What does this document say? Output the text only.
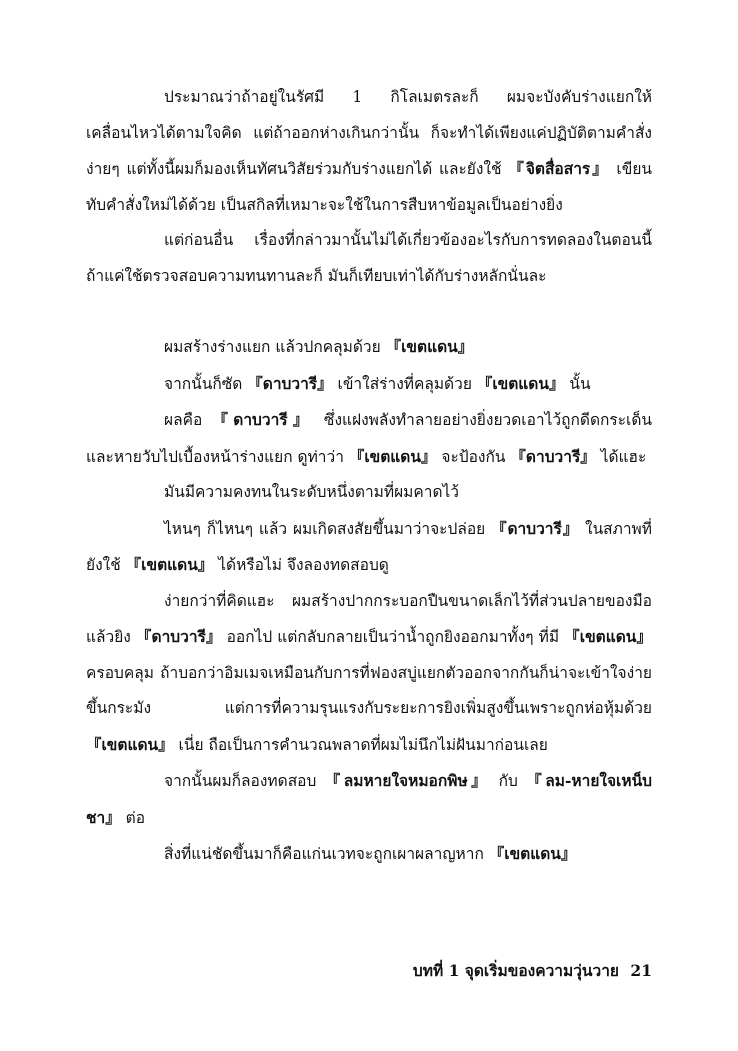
ประมาณว่าถ้าอยู่ในรัศมี 1 กิโลเมตรละก็ ผมจะบังคับร่างแยกให้เคลื่อนไหวได้ตามใจคิด แต่ถ้าออกห่างเกินกว่านั้น ก็จะทำได้เพียงแค่ปฏิบัติตามคำสั่งง่ายๆ แต่ทั้งนี้ผมก็มองเห็นทัศนวิสัยร่วมกับร่างแยกได้ และยังใช้ 『จิตสื่อสาร』 เขียนทับคำสั่งใหม่ได้ด้วย เป็นสกิลที่เหมาะจะใช้ในการสืบหาข้อมูลเป็นอย่างยิ่ง

แต่ก่อนอื่น เรื่องที่กล่าวมานั้นไม่ได้เกี่ยวข้องอะไรกับการทดลองในตอนนี้ ถ้าแค่ใช้ตรวจสอบความทนทานละก็ มันก็เทียบเท่าได้กับร่างหลักนั่นละ

ผมสร้างร่างแยก แล้วปกคลุมด้วย 『เขตแดน』

จากนั้นก็ซัด 『ดาบวารี』 เข้าใส่ร่างที่คลุมด้วย 『เขตแดน』 นั้น

ผลคือ 『ดาบวารี』 ซึ่งแฝงพลังทำลายอย่างยิ่งยวดเอาไว้ถูกดีดกระเด็นและหายวับไปเบื้องหน้าร่างแยก ดูท่าว่า 『เขตแดน』 จะป้องกัน 『ดาบวารี』 ได้แฮะ

มันมีความคงทนในระดับหนึ่งตามที่ผมคาดไว้

ไหนๆ ก็ไหนๆ แล้ว ผมเกิดสงสัยขึ้นมาว่าจะปล่อย 『ดาบวารี』 ในสภาพที่ยังใช้ 『เขตแดน』 ได้หรือไม่ จึงลองทดสอบดู

ง่ายกว่าที่คิดแฮะ ผมสร้างปากกระบอกปืนขนาดเล็กไว้ที่ส่วนปลายของมือ แล้วยิง 『ดาบวารี』 ออกไป แต่กลับกลายเป็นว่าน้ำถูกยิงออกมาทั้งๆ ที่มี 『เขตแดน』 ครอบคลุม ถ้าบอกว่าอิมเมจเหมือนกับการที่ฟองสบู่แยกตัวออกจากกันก็น่าจะเข้าใจง่ายขึ้นกระมัง แต่การที่ความรุนแรงกับระยะการยิงเพิ่มสูงขึ้นเพราะถูกห่อหุ้มด้วย 『เขตแดน』 เนี่ย ถือเป็นการคำนวณพลาดที่ผมไม่นึกไม่ฝันมาก่อนเลย

จากนั้นผมก็ลองทดสอบ 『ลมหายใจหมอกพิษ』 กับ 『ลม-หายใจเหน็บชา』 ต่อ

สิ่งที่แน่ชัดขึ้นมาก็คือแก่นเวทจะถูกเผาผลาญหาก 『เขตแดน』

บทที่ 1 จุดเริ่มของความวุ่นวาย 21
